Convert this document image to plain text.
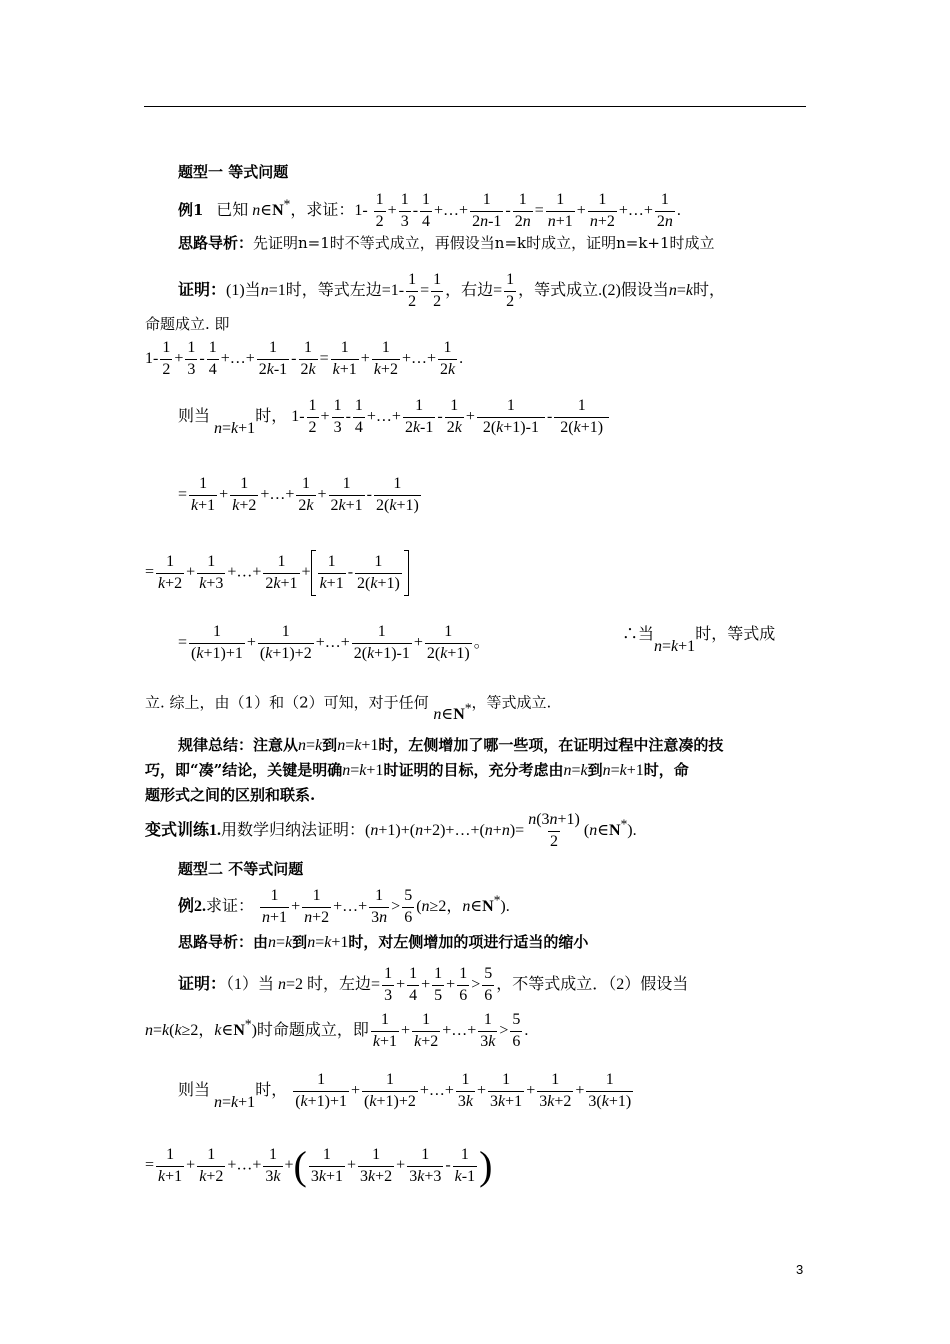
题型一 等式问题
例1   已知 n∈N*，求证：$1- \frac{1}{2} + \frac{1}{3} - \frac{1}{4}$ +…+ $\frac{1}{2n-1} - \frac{1}{2n} = \frac{1}{n+1} + \frac{1}{n+2}$ +…+ $\frac{1}{2n}$ .
思路导析：先证明n=1时不等式成立，再假设当n=k时成立，证明n=k+1时成立
证明：(1)当n=1时，等式左边$=1- \frac{1}{2} = \frac{1}{2}$ ，右边= $\frac{1}{2}$ ，等式成立.(2)假设当n=k时，
命题成立. 即
$1- \frac{1}{2} + \frac{1}{3} - \frac{1}{4}$ +…+ $\frac{1}{2k-1} - \frac{1}{2k} = \frac{1}{k+1} + \frac{1}{k+2}$ +…+ $\frac{1}{2k}$ .
则当 n=k+1时， $1- \frac{1}{2} + \frac{1}{3} - \frac{1}{4}$ +…+ $\frac{1}{2k-1} - \frac{1}{2k} + \frac{1}{2(k+1)-1} - \frac{1}{2(k+1)}$
= $\frac{1}{k+1} + \frac{1}{k+2}$ +…+ $\frac{1}{2k} + \frac{1}{2k+1} - \frac{1}{2(k+1)}$
= $\frac{1}{k+2} + \frac{1}{k+3}$ +…+ $\frac{1}{2k+1} + \frac{1}{k+1} - \frac{1}{2(k+1)}$
= $\frac{1}{(k+1)+1} + \frac{1}{(k+1)+2}$ +…+ $\frac{1}{2(k+1)-1} + \frac{1}{2(k+1)}$ 。	∴当n=k+1时，等式成
立. 综上，由（1）和（2）可知，对于任何 n∈N*，等式成立.
规律总结：注意从n=k到n=k+1时，左侧增加了哪一些项，在证明过程中注意凑的技
巧，即“凑”结论，关键是明确n=k+1时证明的目标，充分考虑由n=k到n=k+1时，命
题形式之间的区别和联系.
变式训练1.用数学归纳法证明：(n+1)+(n+2)+…+(n+n)= $\frac{n(3n+1)}{2}$ (n∈N*).
题型二 不等式问题
例2.求证： $\frac{1}{n+1} + \frac{1}{n+2}$ +…+ $\frac{1}{3n} > \frac{5}{6} (n\ge 2$，n∈N*).
思路导析：由n=k到n=k+1时，对左侧增加的项进行适当的缩小
证明：（1）当 n=2 时，左边= $\frac{1}{3} + \frac{1}{4} + \frac{1}{5} + \frac{1}{6} > \frac{5}{6}$ ，不等式成立．（2）假设当
n=k(k≥2，k∈N*)时命题成立，即 $\frac{1}{k+1} + \frac{1}{k+2}$ +…+ $\frac{1}{3k} > \frac{5}{6}$ .
则当 n=k+1时， $\frac{1}{(k+1)+1} + \frac{1}{(k+1)+2}$ +…+ $\frac{1}{3k} + \frac{1}{3k+1} + \frac{1}{3k+2} + \frac{1}{3(k+1)}$
= $\frac{1}{k+1} + \frac{1}{k+2}$ +…+ $\frac{1}{3k}$ +( $\frac{1}{3k+1} + \frac{1}{3k+2} + \frac{1}{3k+3} - \frac{1}{k-1}$ )
3
